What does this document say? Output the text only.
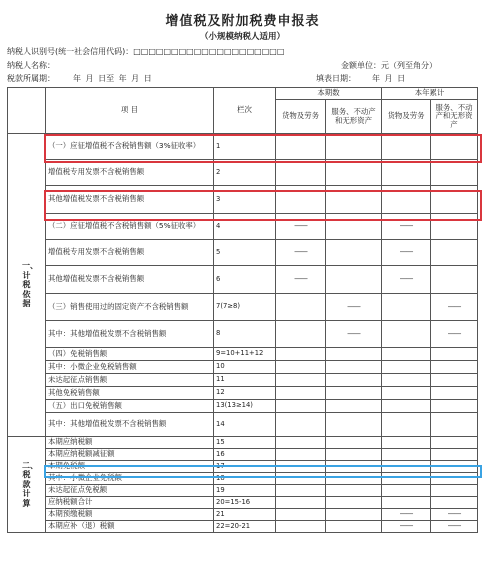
增值税及附加税费申报表
（小规模纳税人适用）
纳税人识别号(统一社会信用代码)：□□□□□□□□□□□□□□□□□□□□
纳税人名称：	金额单位：元（列至角分）
税款所属期： 年 月 日至 年 月 日	填表日期： 年 月 日
	项 目	栏次	本期数		本年累计	
			货物及劳务	服务、不动产和无形资产	货物及劳务	服务、不动产和无形资产
一、计税依据	（一）应征增值税不含税销售额（3%征收率）	1				
	增值税专用发票不含税销售额	2				
	其他增值税发票不含税销售额	3				
	（二）应征增值税不含税销售额（5%征收率）	4	——		——	

	增值税专用发票不含税销售额	5	——		——	

	其他增值税发票不含税销售额	6	——		——	

	（三）销售使用过的固定资产不含税销售额	7(7≥8)		——		——

	其中：其他增值税发票不含税销售额	8		——		——

	（四）免税销售额	9=10+11+12				
	其中：小微企业免税销售额	10				
	未达起征点销售额	11				
	其他免税销售额	12				
	（五）出口免税销售额	13(13≥14)				
	其中：其他增值税发票不含税销售额	14				
二、税款计算	本期应纳税额	15				
	本期应纳税额减征额	16				
	本期免税额	17				
	其中：小微企业免税额	18				
	未达起征点免税额	19				
	应纳税额合计	20=15-16				
	本期预缴税额	21			——	——

	本期应补（退）税额	22=20-21			——	——
